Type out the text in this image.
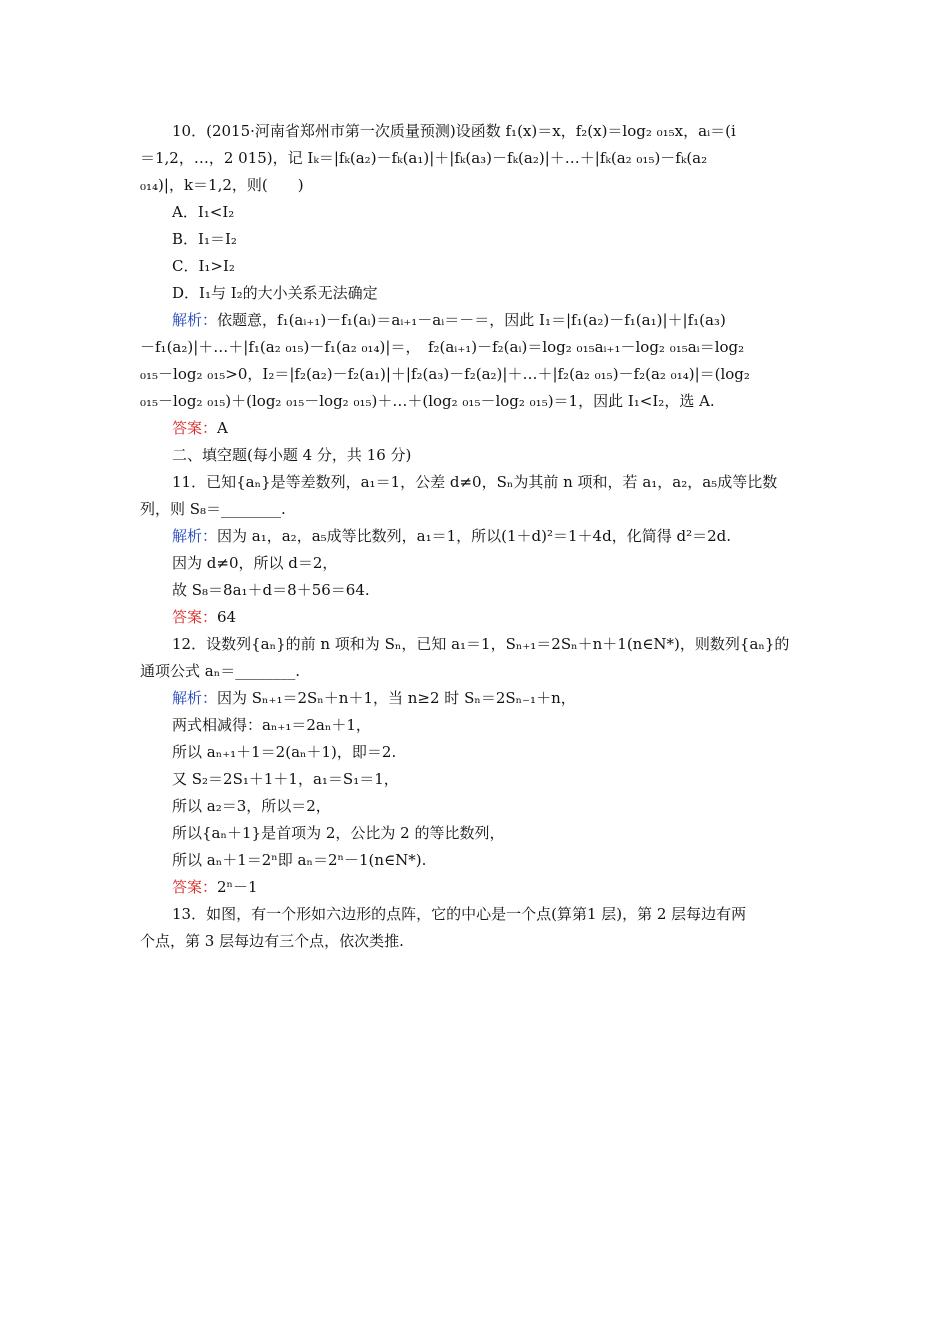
10．(2015·河南省郑州市第一次质量预测)设函数 f₁(x)＝x，f₂(x)＝log₂ ₀₁₅x，aᵢ＝(i
＝1,2，…，2 015)，记 Iₖ＝|fₖ(a₂)－fₖ(a₁)|＋|fₖ(a₃)－fₖ(a₂)|＋…＋|fₖ(a₂ ₀₁₅)－fₖ(a₂
₀₁₄)|，k＝1,2，则(　　)
A．I₁<I₂
B．I₁＝I₂
C．I₁>I₂
D．I₁与 I₂的大小关系无法确定
解析：依题意，f₁(aᵢ₊₁)－f₁(aᵢ)＝aᵢ₊₁－aᵢ＝－＝，因此 I₁＝|f₁(a₂)－f₁(a₁)|＋|f₁(a₃)
－f₁(a₂)|＋…＋|f₁(a₂ ₀₁₅)－f₁(a₂ ₀₁₄)|＝，　f₂(aᵢ₊₁)－f₂(aᵢ)＝log₂ ₀₁₅aᵢ₊₁－log₂ ₀₁₅aᵢ＝log₂
₀₁₅－log₂ ₀₁₅>0，I₂＝|f₂(a₂)－f₂(a₁)|＋|f₂(a₃)－f₂(a₂)|＋…＋|f₂(a₂ ₀₁₅)－f₂(a₂ ₀₁₄)|＝(log₂
₀₁₅－log₂ ₀₁₅)＋(log₂ ₀₁₅－log₂ ₀₁₅)＋…＋(log₂ ₀₁₅－log₂ ₀₁₅)＝1，因此 I₁<I₂，选 A.
答案：A
二、填空题(每小题 4 分，共 16 分)
11．已知{aₙ}是等差数列，a₁＝1，公差 d≠0，Sₙ为其前 n 项和，若 a₁，a₂，a₅成等比数
列，则 S₈＝________.
解析：因为 a₁，a₂，a₅成等比数列，a₁＝1，所以(1＋d)²＝1＋4d，化简得 d²＝2d.
因为 d≠0，所以 d＝2，
故 S₈＝8a₁＋d＝8＋56＝64.
答案：64
12．设数列{aₙ}的前 n 项和为 Sₙ，已知 a₁＝1，Sₙ₊₁＝2Sₙ＋n＋1(n∈N*)，则数列{aₙ}的
通项公式 aₙ＝________.
解析：因为 Sₙ₊₁＝2Sₙ＋n＋1，当 n≥2 时 Sₙ＝2Sₙ₋₁＋n，
两式相减得：aₙ₊₁＝2aₙ＋1，
所以 aₙ₊₁＋1＝2(aₙ＋1)，即＝2.
又 S₂＝2S₁＋1＋1，a₁＝S₁＝1，
所以 a₂＝3，所以＝2，
所以{aₙ＋1}是首项为 2，公比为 2 的等比数列，
所以 aₙ＋1＝2ⁿ即 aₙ＝2ⁿ－1(n∈N*).
答案：2ⁿ－1
13．如图，有一个形如六边形的点阵，它的中心是一个点(算第1 层)，第 2 层每边有两
个点，第 3 层每边有三个点，依次类推.
